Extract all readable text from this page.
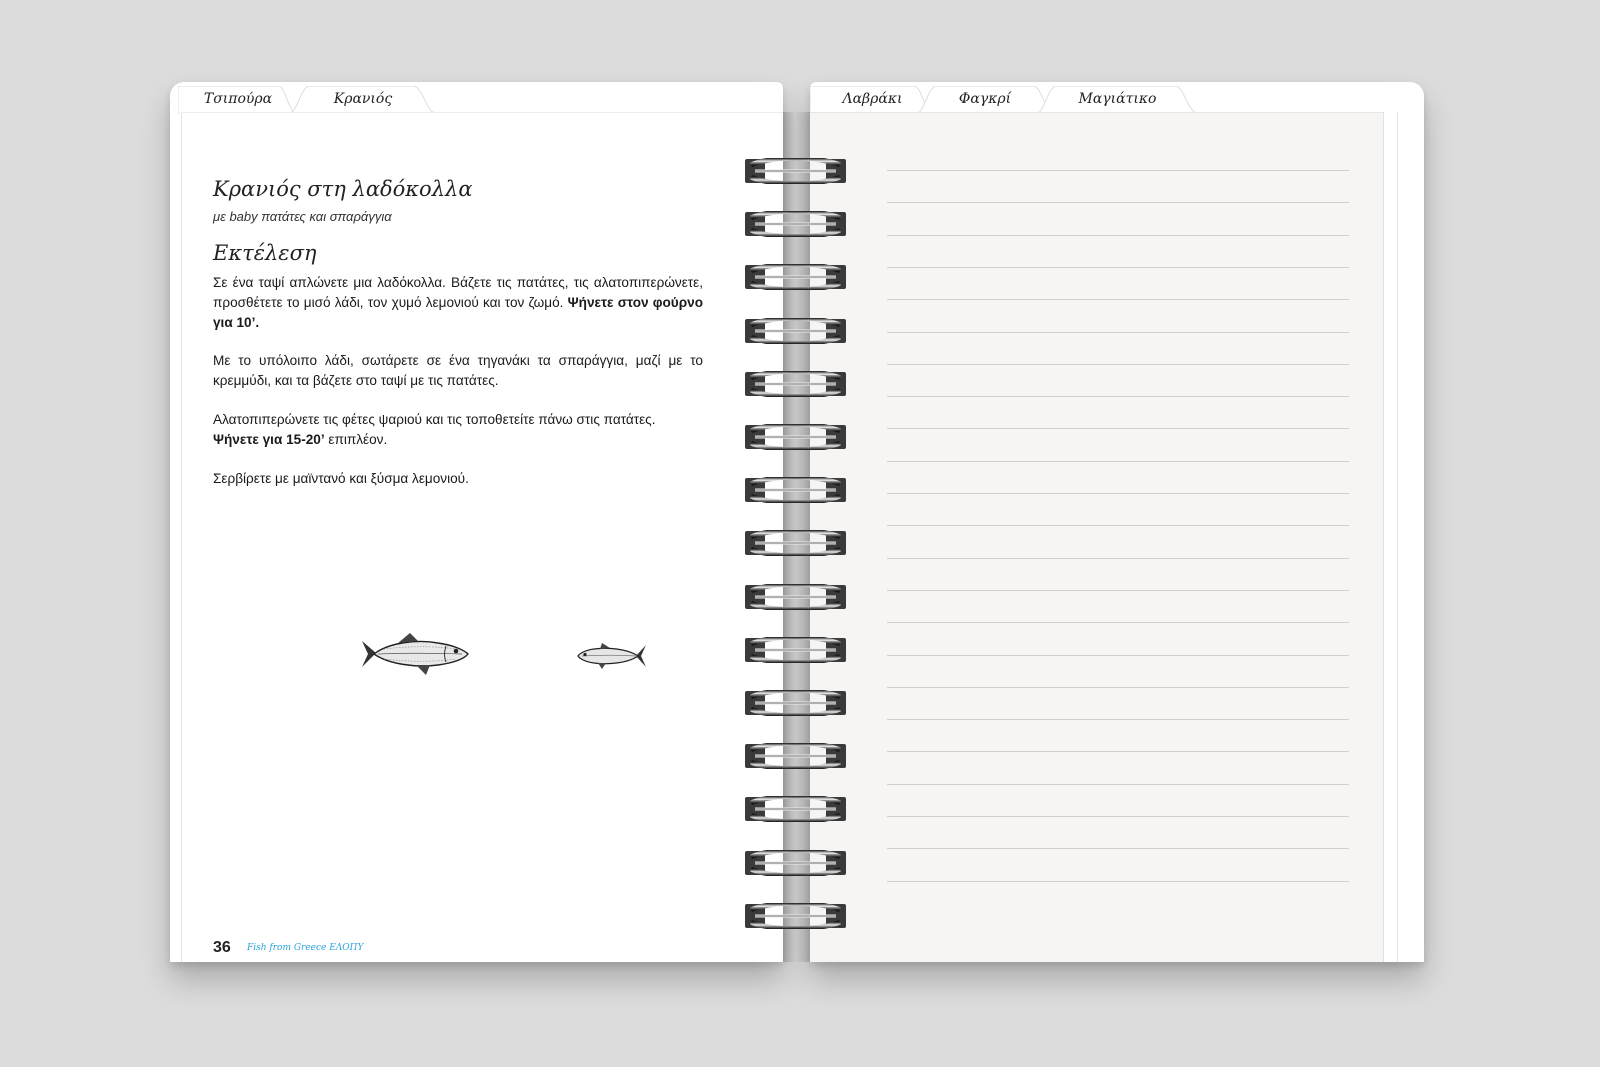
Τσιπούρα	Κρανιός
Κρανιός στη λαδόκολλα
με baby πατάτες και σπαράγγια
Εκτέλεση
Σε ένα ταψί απλώνετε μια λαδόκολλα. Βάζετε τις πατάτες, τις αλατοπιπερώνετε, προσθέτετε το μισό λάδι, τον χυμό λεμονιού και τον ζωμό. Ψήνετε στον φούρνο για 10’.
Με το υπόλοιπο λάδι, σωτάρετε σε ένα τηγανάκι τα σπαράγγια, μαζί με το κρεμμύδι, και τα βάζετε στο ταψί με τις πατάτες.
Αλατοπιπερώνετε τις φέτες ψαριού και τις τοποθετείτε πάνω στις πατάτες.
Ψήνετε για 15-20’ επιπλέον.
Σερβίρετε με μαϊντανό και ξύσμα λεμονιού.
36 Fish from Greece ΕΛΟΠΥ
Λαβράκι	Φαγκρί	Μαγιάτικο
